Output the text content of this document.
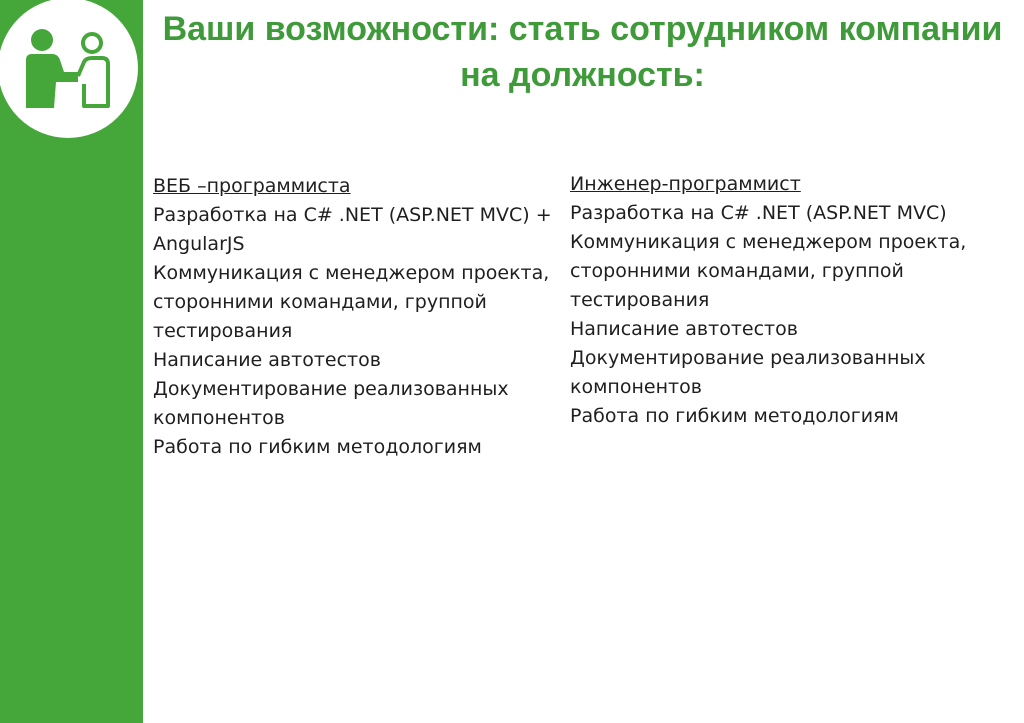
Ваши возможности: стать сотрудником компании на должность:
ВЕБ –программиста
Разработка на C# .NET (ASP.NET MVC) + AngularJS
Коммуникация с менеджером проекта, сторонними командами, группой тестирования
Написание автотестов
Документирование реализованных компонентов
Работа по гибким методологиям
Инженер-программист
Разработка на C# .NET (ASP.NET MVC)
Коммуникация с менеджером проекта, сторонними командами, группой тестирования
Написание автотестов
Документирование реализованных компонентов
Работа по гибким методологиям
